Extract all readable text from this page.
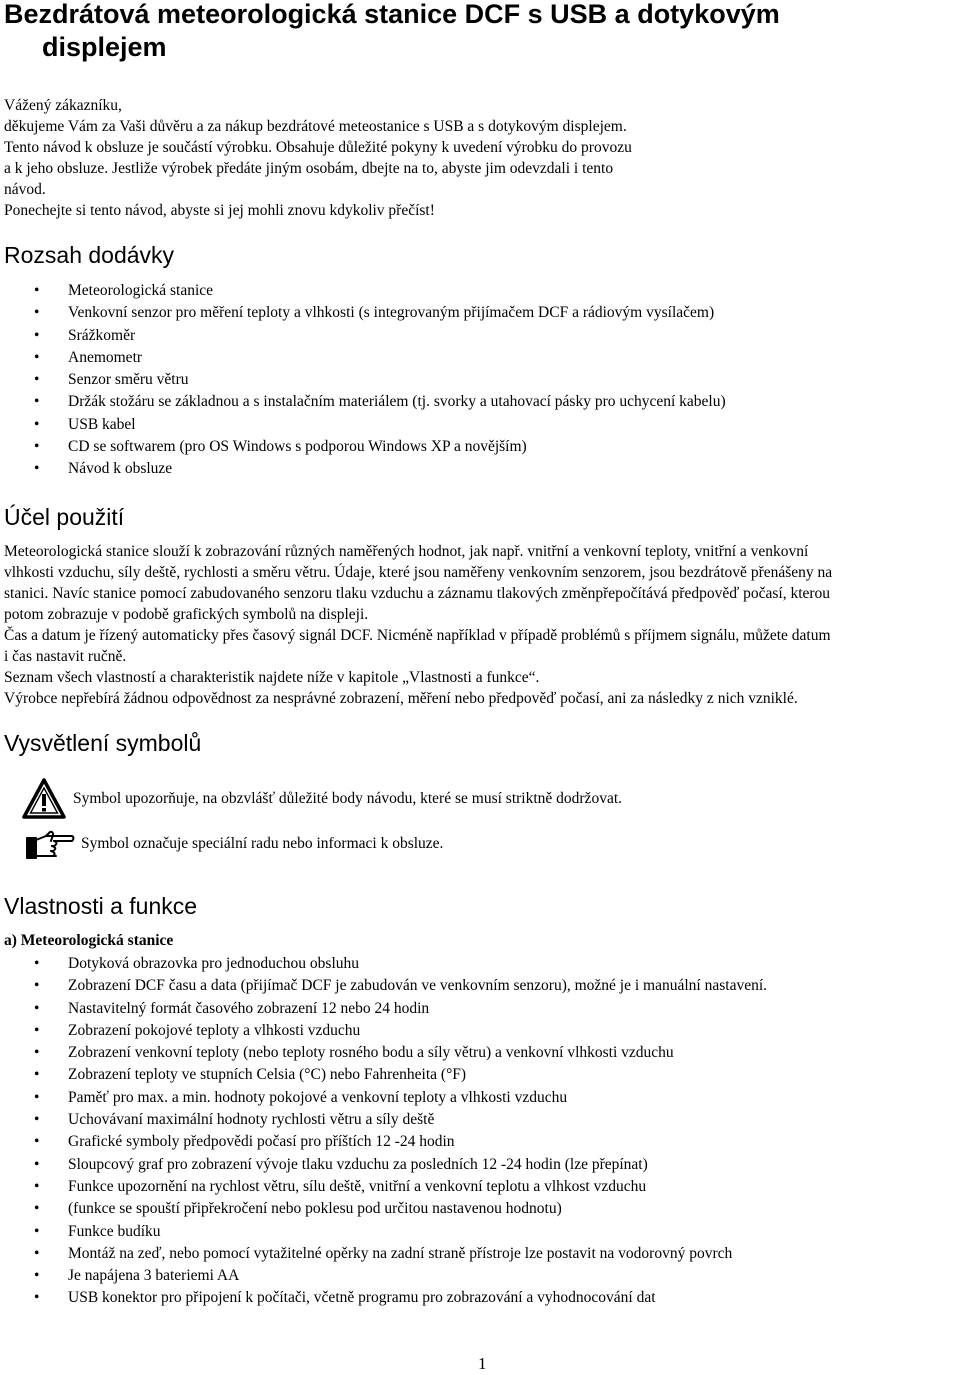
Bezdrátová meteorologická stanice DCF s USB a dotykovým
displejem

Vážený zákazníku,

děkujeme Vám za Vaši důvěru a za nákup bezdrátové meteostanice s USB a s dotykovým displejem.

Tento návod k obsluze je součástí výrobku. Obsahuje důležité pokyny k uvedení výrobku do provozu

a k jeho obsluze. Jestliže výrobek předáte jiným osobám, dbejte na to, abyste jim odevzdali i tento

návod.

Ponechejte si tento návod, abyste si jej mohli znovu kdykoliv přečíst!

Rozsah dodávky
• Meteorologická stanice
• Venkovní senzor pro měření teploty a vlhkosti (s integrovaným přijímačem DCF a rádiovým vysílačem)
• Srážkoměr
• Anemometr
• Senzor směru větru
• Držák stožáru se základnou a s instalačním materiálem (tj. svorky a utahovací pásky pro uchycení kabelu)
• USB kabel
• CD se softwarem (pro OS Windows s podporou Windows XP a novějším)
• Návod k obsluze
Účel použití

Meteorologická stanice slouží k zobrazování různých naměřených hodnot, jak např. vnitřní a venkovní teploty, vnitřní a venkovní

vlhkosti vzduchu, síly deště, rychlosti a směru větru. Údaje, které jsou naměřeny venkovním senzorem, jsou bezdrátově přenášeny na

stanici. Navíc stanice pomocí zabudovaného senzoru tlaku vzduchu a záznamu tlakových změnpřepočítává předpověď počasí, kterou

potom zobrazuje v podobě grafických symbolů na displeji.

Čas a datum je řízený automaticky přes časový signál DCF. Nicméně například v případě problémů s příjmem signálu, můžete datum

i čas nastavit ručně.

Seznam všech vlastností a charakteristik najdete níže v kapitole „Vlastnosti a funkce“.

Výrobce nepřebírá žádnou odpovědnost za nesprávné zobrazení, měření nebo předpověď počasí, ani za následky z nich vzniklé.

Vysvětlení symbolů
Symbol upozorňuje, na obzvlášť důležité body návodu, které se musí striktně dodržovat.
Symbol označuje speciální radu nebo informaci k obsluze.
Vlastnosti a funkce

a) Meteorologická stanice

• Dotyková obrazovka pro jednoduchou obsluhu
• Zobrazení DCF času a data (přijímač DCF je zabudován ve venkovním senzoru), možné je i manuální nastavení.
• Nastavitelný formát časového zobrazení 12 nebo 24 hodin
• Zobrazení pokojové teploty a vlhkosti vzduchu
• Zobrazení venkovní teploty (nebo teploty rosného bodu a síly větru) a venkovní vlhkosti vzduchu
• Zobrazení teploty ve stupních Celsia (°C) nebo Fahrenheita (°F)
• Paměť pro max. a min. hodnoty pokojové a venkovní teploty a vlhkosti vzduchu
• Uchovávaní maximální hodnoty rychlosti větru a síly deště
• Grafické symboly předpovědi počasí pro příštích 12 -24 hodin
• Sloupcový graf pro zobrazení vývoje tlaku vzduchu za posledních 12 -24 hodin (lze přepínat)
• Funkce upozornění na rychlost větru, sílu deště, vnitřní a venkovní teplotu a vlhkost vzduchu
• (funkce se spouští připřekročení nebo poklesu pod určitou nastavenou hodnotu)
• Funkce budíku
• Montáž na zeď, nebo pomocí vytažitelné opěrky na zadní straně přístroje lze postavit na vodorovný povrch
• Je napájena 3 bateriemi AA
• USB konektor pro připojení k počítači, včetně programu pro zobrazování a vyhodnocování dat
1
